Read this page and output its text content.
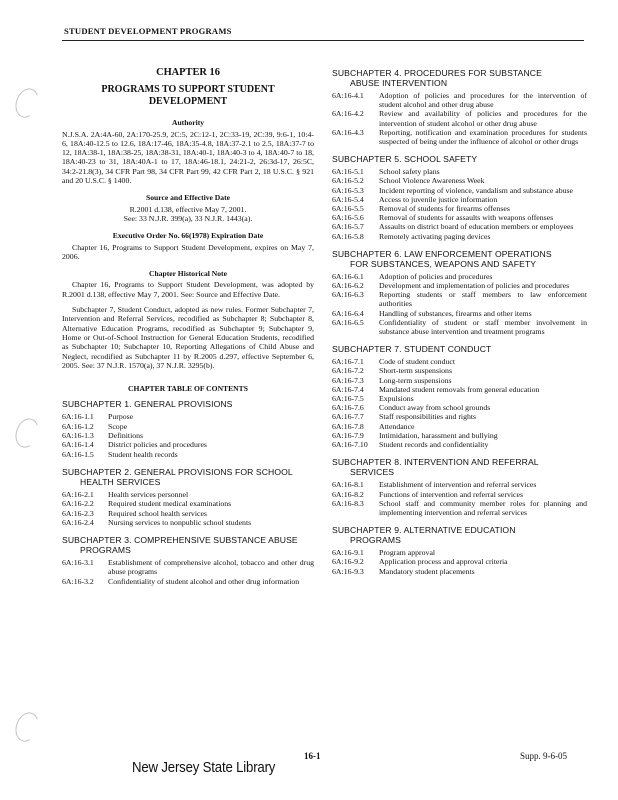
STUDENT DEVELOPMENT PROGRAMS
CHAPTER 16
PROGRAMS TO SUPPORT STUDENT DEVELOPMENT
Authority

N.J.S.A. 2A:4A-60, 2A:170-25.9, 2C:5, 2C:12-1, 2C:33-19, 2C:39, 9:6-1, 10:4-6, 18A:40-12.5 to 12.6, 18A:17-46, 18A:35-4.8, 18A:37-2.1 to 2.5, 18A:37-7 to 12, 18A:38-1, 18A:38-25, 18A:38-31, 18A:40-1, 18A:40-3 to 4, 18A:40-7 to 18, 18A:40-23 to 31, 18A:40A-1 to 17, 18A:46-18.1, 24:21-2, 26:3d-17, 26:5C, 34:2-21.8(3), 34 CFR Part 98, 34 CFR Part 99, 42 CFR Part 2, 18 U.S.C. § 921 and 20 U.S.C. § 1400.

Source and Effective Date
R.2001 d.138, effective May 7, 2001.
See: 33 N.J.R. 399(a), 33 N.J.R. 1443(a).
Executive Order No. 66(1978) Expiration Date

Chapter 16, Programs to Support Student Development, expires on May 7, 2006.

Chapter Historical Note

Chapter 16, Programs to Support Student Development, was adopted by R.2001 d.138, effective May 7, 2001. See: Source and Effective Date.

Subchapter 7, Student Conduct, adopted as new rules. Former Subchapter 7, Intervention and Referral Services, recodified as Subchapter 8; Subchapter 8, Alternative Education Programs, recodified as Subchapter 9; Subchapter 9, Home or Out-of-School Instruction for General Education Students, recodified as Subchapter 10; Subchapter 10, Reporting Allegations of Child Abuse and Neglect, recodified as Subchapter 11 by R.2005 d.297, effective September 6, 2005. See: 37 N.J.R. 1570(a), 37 N.J.R. 3295(b).

CHAPTER TABLE OF CONTENTS
SUBCHAPTER 1. GENERAL PROVISIONS
6A:16-1.1	Purpose
6A:16-1.2	Scope
6A:16-1.3	Definitions
6A:16-1.4	District policies and procedures
6A:16-1.5	Student health records
SUBCHAPTER 2. GENERAL PROVISIONS FOR SCHOOL
HEALTH SERVICES
6A:16-2.1	Health services personnel
6A:16-2.2	Required student medical examinations
6A:16-2.3	Required school health services
6A:16-2.4	Nursing services to nonpublic school students
SUBCHAPTER 3. COMPREHENSIVE SUBSTANCE ABUSE
PROGRAMS
6A:16-3.1	Establishment of comprehensive alcohol, tobacco and other drug abuse programs
6A:16-3.2	Confidentiality of student alcohol and other drug information
SUBCHAPTER 4. PROCEDURES FOR SUBSTANCE
ABUSE INTERVENTION
6A:16-4.1	Adoption of policies and procedures for the intervention of student alcohol and other drug abuse
6A:16-4.2	Review and availability of policies and procedures for the intervention of student alcohol or other drug abuse
6A:16-4.3	Reporting, notification and examination procedures for students suspected of being under the influence of alcohol or other drugs
SUBCHAPTER 5. SCHOOL SAFETY
6A:16-5.1	School safety plans
6A:16-5.2	School Violence Awareness Week
6A:16-5.3	Incident reporting of violence, vandalism and substance abuse
6A:16-5.4	Access to juvenile justice information
6A:16-5.5	Removal of students for firearms offenses
6A:16-5.6	Removal of students for assaults with weapons offenses
6A:16-5.7	Assaults on district board of education members or employees
6A:16-5.8	Remotely activating paging devices
SUBCHAPTER 6. LAW ENFORCEMENT OPERATIONS
FOR SUBSTANCES, WEAPONS AND SAFETY
6A:16-6.1	Adoption of policies and procedures
6A:16-6.2	Development and implementation of policies and procedures
6A:16-6.3	Reporting students or staff members to law enforcement authorities
6A:16-6.4	Handling of substances, firearms and other items
6A:16-6.5	Confidentiality of student or staff member involvement in substance abuse intervention and treatment programs
SUBCHAPTER 7. STUDENT CONDUCT
6A:16-7.1	Code of student conduct
6A:16-7.2	Short-term suspensions
6A:16-7.3	Long-term suspensions
6A:16-7.4	Mandated student removals from general education
6A:16-7.5	Expulsions
6A:16-7.6	Conduct away from school grounds
6A:16-7.7	Staff responsibilities and rights
6A:16-7.8	Attendance
6A:16-7.9	Intimidation, harassment and bullying
6A:16-7.10	Student records and confidentiality
SUBCHAPTER 8. INTERVENTION AND REFERRAL
SERVICES
6A:16-8.1	Establishment of intervention and referral services
6A:16-8.2	Functions of intervention and referral services
6A:16-8.3	School staff and community member roles for planning and implementing intervention and referral services
SUBCHAPTER 9. ALTERNATIVE EDUCATION
PROGRAMS
6A:16-9.1	Program approval
6A:16-9.2	Application process and approval criteria
6A:16-9.3	Mandatory student placements
16-1	Supp. 9-6-05
New Jersey State Library
